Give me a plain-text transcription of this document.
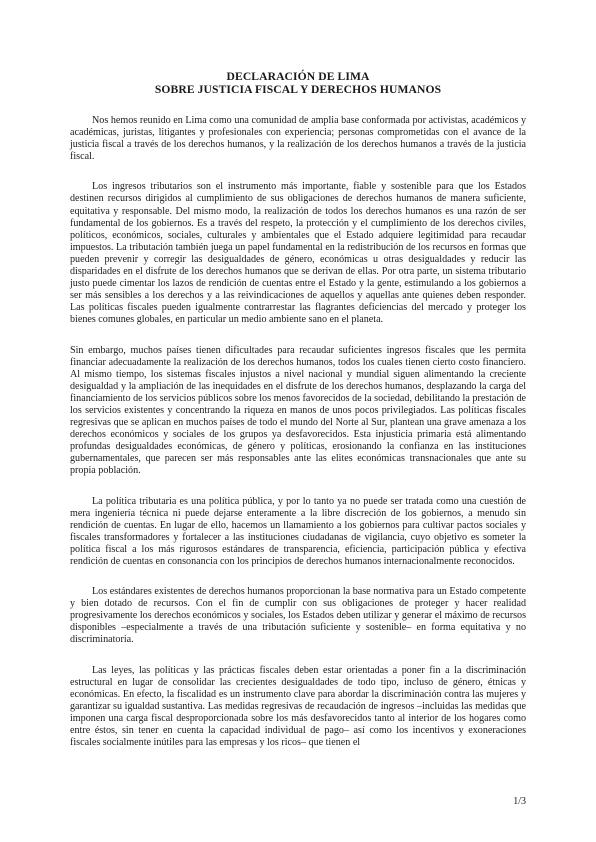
DECLARACIÓN DE LIMA
SOBRE JUSTICIA FISCAL Y DERECHOS HUMANOS

Nos hemos reunido en Lima como una comunidad de amplia base conformada por activistas, académicos y académicas, juristas, litigantes y profesionales con experiencia; personas comprometidas con el avance de la justicia fiscal a través de los derechos humanos, y la realización de los derechos humanos a través de la justicia fiscal.

Los ingresos tributarios son el instrumento más importante, fiable y sostenible para que los Estados destinen recursos dirigidos al cumplimiento de sus obligaciones de derechos humanos de manera suficiente, equitativa y responsable. Del mismo modo, la realización de todos los derechos humanos es una razón de ser fundamental de los gobiernos. Es a través del respeto, la protección y el cumplimiento de los derechos civiles, políticos, económicos, sociales, culturales y ambientales que el Estado adquiere legitimidad para recaudar impuestos. La tributación también juega un papel fundamental en la redistribución de los recursos en formas que pueden prevenir y corregir las desigualdades de género, económicas u otras desigualdades y reducir las disparidades en el disfrute de los derechos humanos que se derivan de ellas. Por otra parte, un sistema tributario justo puede cimentar los lazos de rendición de cuentas entre el Estado y la gente, estimulando a los gobiernos a ser más sensibles a los derechos y a las reivindicaciones de aquellos y aquellas ante quienes deben responder. Las políticas fiscales pueden igualmente contrarrestar las flagrantes deficiencias del mercado y proteger los bienes comunes globales, en particular un medio ambiente sano en el planeta.

Sin embargo, muchos países tienen dificultades para recaudar suficientes ingresos fiscales que les permita financiar adecuadamente la realización de los derechos humanos, todos los cuales tienen cierto costo financiero. Al mismo tiempo, los sistemas fiscales injustos a nivel nacional y mundial siguen alimentando la creciente desigualdad y la ampliación de las inequidades en el disfrute de los derechos humanos, desplazando la carga del financiamiento de los servicios públicos sobre los menos favorecidos de la sociedad, debilitando la prestación de los servicios existentes y concentrando la riqueza en manos de unos pocos privilegiados. Las políticas fiscales regresivas que se aplican en muchos países de todo el mundo del Norte al Sur, plantean una grave amenaza a los derechos económicos y sociales de los grupos ya desfavorecidos. Esta injusticia primaria está alimentando profundas desigualdades económicas, de género y políticas, erosionando la confianza en las instituciones gubernamentales, que parecen ser más responsables ante las elites económicas transnacionales que ante su propia población.

La política tributaria es una política pública, y por lo tanto ya no puede ser tratada como una cuestión de mera ingeniería técnica ni puede dejarse enteramente a la libre discreción de los gobiernos, a menudo sin rendición de cuentas. En lugar de ello, hacemos un llamamiento a los gobiernos para cultivar pactos sociales y fiscales transformadores y fortalecer a las instituciones ciudadanas de vigilancia, cuyo objetivo es someter la política fiscal a los más rigurosos estándares de transparencia, eficiencia, participación pública y efectiva rendición de cuentas en consonancia con los principios de derechos humanos internacionalmente reconocidos.

Los estándares existentes de derechos humanos proporcionan la base normativa para un Estado competente y bien dotado de recursos. Con el fin de cumplir con sus obligaciones de proteger y hacer realidad progresivamente los derechos económicos y sociales, los Estados deben utilizar y generar el máximo de recursos disponibles –especialmente a través de una tributación suficiente y sostenible– en forma equitativa y no discriminatoria.

Las leyes, las políticas y las prácticas fiscales deben estar orientadas a poner fin a la discriminación estructural en lugar de consolidar las crecientes desigualdades de todo tipo, incluso de género, étnicas y económicas. En efecto, la fiscalidad es un instrumento clave para abordar la discriminación contra las mujeres y garantizar su igualdad sustantiva. Las medidas regresivas de recaudación de ingresos –incluidas las medidas que imponen una carga fiscal desproporcionada sobre los más desfavorecidos tanto al interior de los hogares como entre éstos, sin tener en cuenta la capacidad individual de pago– así como los incentivos y exoneraciones fiscales socialmente inútiles para las empresas y los ricos– que tienen el

1/3
